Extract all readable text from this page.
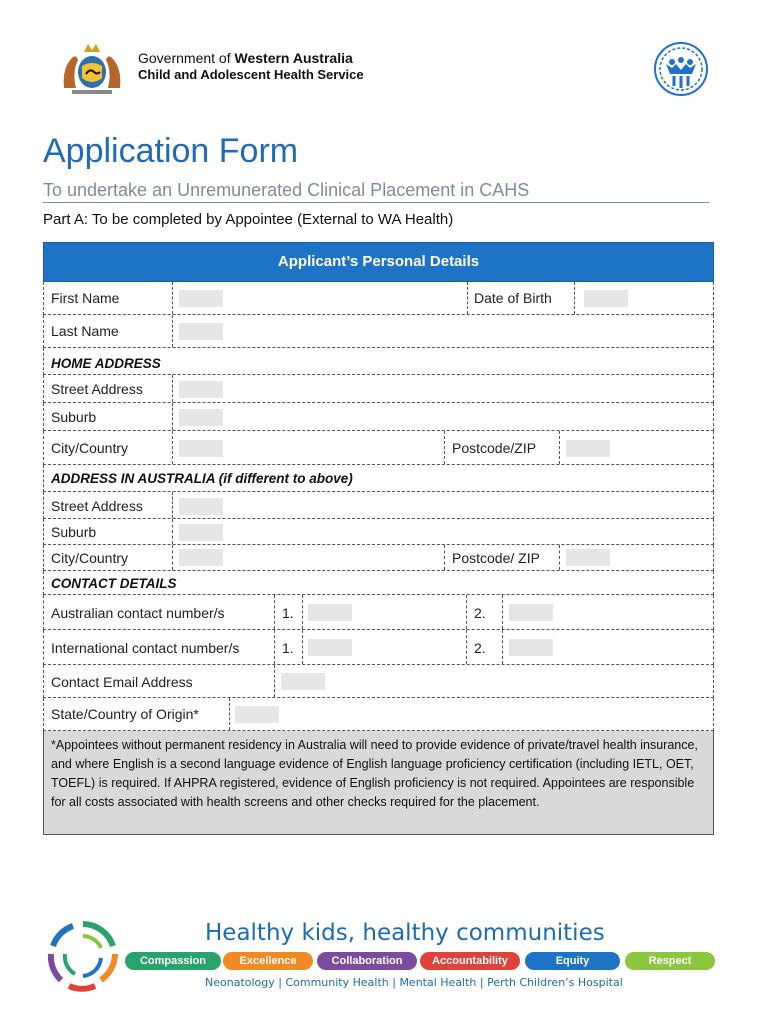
Government of Western Australia
Child and Adolescent Health Service
Application Form
To undertake an Unremunerated Clinical Placement in CAHS
Part A: To be completed by Appointee (External to WA Health)
Applicant’s Personal Details
First Name	Date of Birth
Last Name
HOME ADDRESS
Street Address
Suburb
City/Country	Postcode/ZIP
ADDRESS IN AUSTRALIA (if different to above)
Street Address
Suburb
City/Country	Postcode/ ZIP
CONTACT DETAILS
Australian contact number/s	1.	2.
International contact number/s	1.	2.
Contact Email Address
State/Country of Origin*
*Appointees without permanent residency in Australia will need to provide evidence of private/travel health insurance, and where English is a second language evidence of English language proficiency certification (including IETL, OET, TOEFL) is required. If AHPRA registered, evidence of English proficiency is not required. Appointees are responsible for all costs associated with health screens and other checks required for the placement.
Healthy kids, healthy communities
Compassion	Excellence	Collaboration	Accountability	Equity	Respect
Neonatology | Community Health | Mental Health | Perth Children’s Hospital
